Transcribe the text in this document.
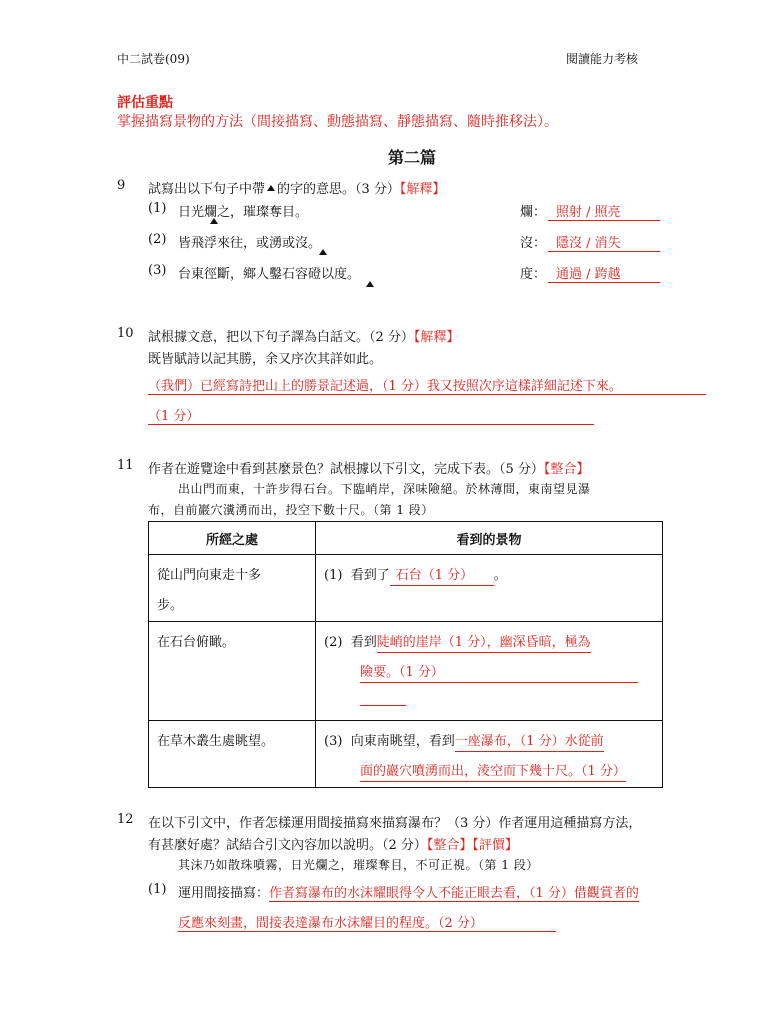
中二試卷(09)	閱讀能力考核
評估重點
掌握描寫景物的方法（間接描寫、動態描寫、靜態描寫、隨時推移法）。
第二篇
9 試寫出以下句子中帶 的字的意思。（3 分）【解釋】
(1) 日光爛之，璀璨奪目。	爛： 照射 / 照亮
(2) 皆飛浮來往，或湧或沒。	沒： 隱沒 / 消失
(3) 台東徑斷，鄉人鑿石容磴以度。	度： 通過 / 跨越
10 試根據文意，把以下句子譯為白話文。（2 分）【解釋】
既皆賦詩以記其勝，余又序次其詳如此。
（我們）已經寫詩把山上的勝景記述過，（1 分）我又按照次序這樣詳細記述下來。
（1 分）
11 作者在遊覽途中看到甚麼景色？試根據以下引文，完成下表。（5 分）【整合】
出山門而東，十許步得石台。下臨峭岸，深味險絕。於林薄間，東南望見瀑
布，自前巖穴瀵湧而出，投空下數十尺。（第 1 段）
所經之處	看到的景物

從山門向東走十多
步。	(1) 看到了 石台（1 分） 。

在石台俯瞰。	(2) 看到陡峭的崖岸（1 分），幽深昏暗，極為
險要。（1 分）

在草木叢生處眺望。	(3) 向東南眺望，看到一座瀑布，（1 分）水從前
面的巖穴噴湧而出，淩空而下幾十尺。（1 分）
12 在以下引文中，作者怎樣運用間接描寫來描寫瀑布？（3 分）作者運用這種描寫方法，
有甚麼好處？試結合引文內容加以說明。（2 分）【整合】【評價】
其沫乃如散珠噴霧，日光爛之，璀璨奪目，不可正視。（第 1 段）
(1) 運用間接描寫：作者寫瀑布的水沫耀眼得令人不能正眼去看，（1 分）借觀賞者的
反應來刻畫，間接表達瀑布水沫耀目的程度。（2 分）
